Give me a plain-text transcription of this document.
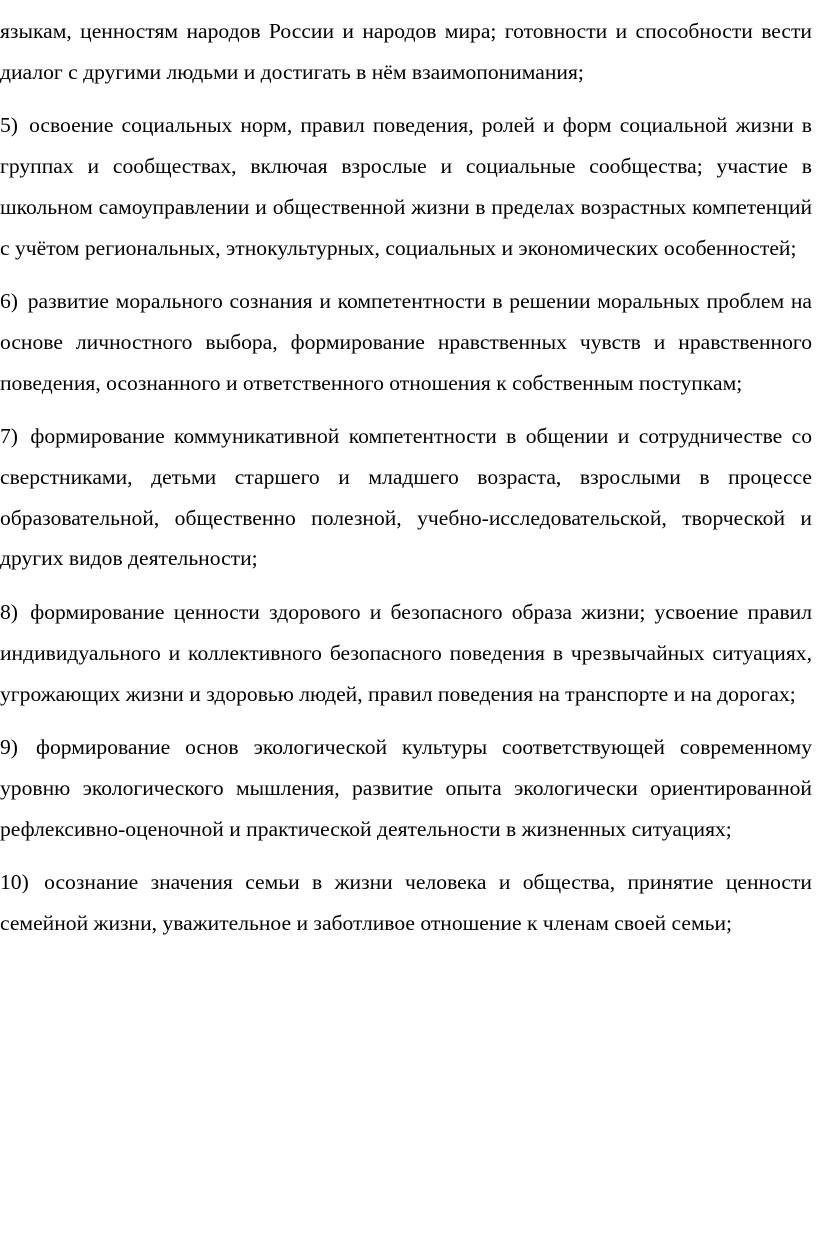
языкам, ценностям народов России и народов мира; готовности и способности вести диалог с другими людьми и достигать в нём взаимопонимания;

5) освоение социальных норм, правил поведения, ролей и форм социальной жизни в группах и сообществах, включая взрослые и социальные сообщества; участие в школьном самоуправлении и общественной жизни в пределах возрастных компетенций с учётом региональных, этнокультурных, социальных и экономических особенностей;

6) развитие морального сознания и компетентности в решении моральных проблем на основе личностного выбора, формирование нравственных чувств и нравственного поведения, осознанного и ответственного отношения к собственным поступкам;

7) формирование коммуникативной компетентности в общении и сотрудничестве со сверстниками, детьми старшего и младшего возраста, взрослыми в процессе образовательной, общественно полезной, учебно-исследовательской, творческой и других видов деятельности;

8) формирование ценности здорового и безопасного образа жизни; усвоение правил индивидуального и коллективного безопасного поведения в чрезвычайных ситуациях, угрожающих жизни и здоровью людей, правил поведения на транспорте и на дорогах;

9) формирование основ экологической культуры соответствующей современному уровню экологического мышления, развитие опыта экологически ориентированной рефлексивно-оценочной и практической деятельности в жизненных ситуациях;

10) осознание значения семьи в жизни человека и общества, принятие ценности семейной жизни, уважительное и заботливое отношение к членам своей семьи;
